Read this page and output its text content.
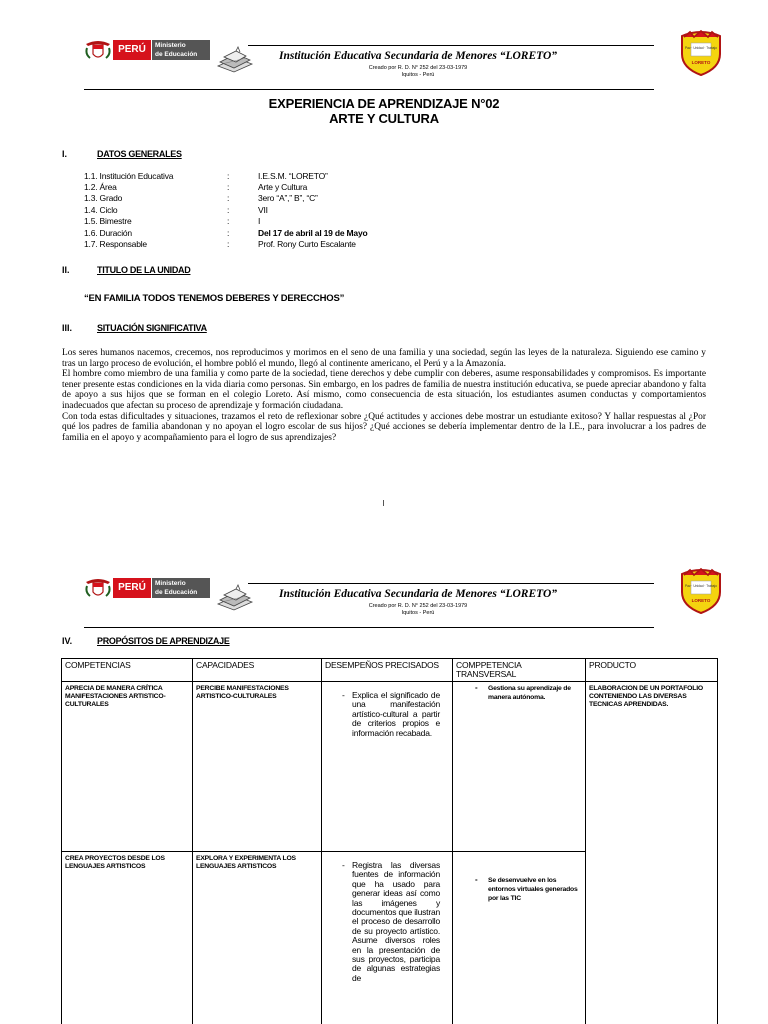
PERÚ	Ministerio
de Educación	Institución Educativa Secundaria de Menores “LORETO”
Creado por R. D. N° 252 del 23-03-1979
Iquitos - Perú
Paz · Unidad · Trabajo
LORETO
EXPERIENCIA DE APRENDIZAJE N°02
ARTE Y CULTURA
I.	DATOS GENERALES
1.1. Institución Educativa	:	I.E.S.M. “LORETO”
1.2. Área	:	Arte y Cultura
1.3. Grado	:	3ero “A”,” B”, “C”
1.4. Ciclo	:	VII
1.5. Bimestre	:	I
1.6. Duración	:	Del 17 de abril al 19 de Mayo
1.7. Responsable	:	Prof. Rony Curto Escalante
II.	TITULO DE LA UNIDAD
“EN FAMILIA TODOS TENEMOS DEBERES Y DERECCHOS”
III.	SITUACIÓN SIGNIFICATIVA

Los seres humanos nacemos, crecemos, nos reproducimos y morimos en el seno de una familia y una sociedad, según las leyes de la naturaleza. Siguiendo ese camino y tras un largo proceso de evolución, el hombre pobló el mundo, llegó al continente americano, el Perú y a la Amazonía.

El hombre como miembro de una familia y como parte de la sociedad, tiene derechos y debe cumplir con deberes, asume responsabilidades y compromisos. Es importante tener presente estas condiciones en la vida diaria como personas. Sin embargo, en los padres de familia de nuestra institución educativa, se puede apreciar abandono y falta de apoyo a sus hijos que se forman en el colegio Loreto. Así mismo, como consecuencia de esta situación, los estudiantes asumen conductas y comportamientos inadecuados que afectan su proceso de aprendizaje y formación ciudadana.

Con toda estas dificultades y situaciones, trazamos el reto de reflexionar sobre ¿Qué actitudes y acciones debe mostrar un estudiante exitoso? Y hallar respuestas al ¿Por qué los padres de familia abandonan y no apoyan el logro escolar de sus hijos? ¿Qué acciones se debería implementar dentro de la I.E., para involucrar a los padres de familia en el apoyo y acompañamiento para el logro de sus aprendizajes?

PERÚ	Ministerio
de Educación	Institución Educativa Secundaria de Menores “LORETO”
Creado por R. D. N° 252 del 23-03-1979
Iquitos - Perú
Paz · Unidad · Trabajo
LORETO
IV.	PROPÓSITOS DE APRENDIZAJE
COMPETENCIAS	CAPACIDADES	DESEMPEÑOS PRECISADOS	COMPPETENCIA TRANSVERSAL	PRODUCTO
APRECIA DE MANERA CRÍTICA MANIFESTACIONES ARTISTICO-CULTURALES	PERCIBE MANIFESTACIONES ARTISTICO-CULTURALES	- Explica el significado de una manifestación artístico-cultural a partir de criterios propios e información recabada.	- Gestiona su aprendizaje de manera autónoma.	ELABORACION DE UN PORTAFOLIO CONTENIENDO LAS DIVERSAS TECNICAS APRENDIDAS.
CREA PROYECTOS DESDE LOS LENGUAJES ARTISTICOS	EXPLORA Y EXPERIMENTA LOS LENGUAJES ARTISTICOS	- Registra las diversas fuentes de información que ha usado para generar ideas así como las imágenes y documentos que ilustran el proceso de desarrollo de su proyecto artístico. Asume diversos roles en la presentación de sus proyectos, participa de algunas estrategias de	- Se desenvuelve en los entornos virtuales generados por las TIC	
